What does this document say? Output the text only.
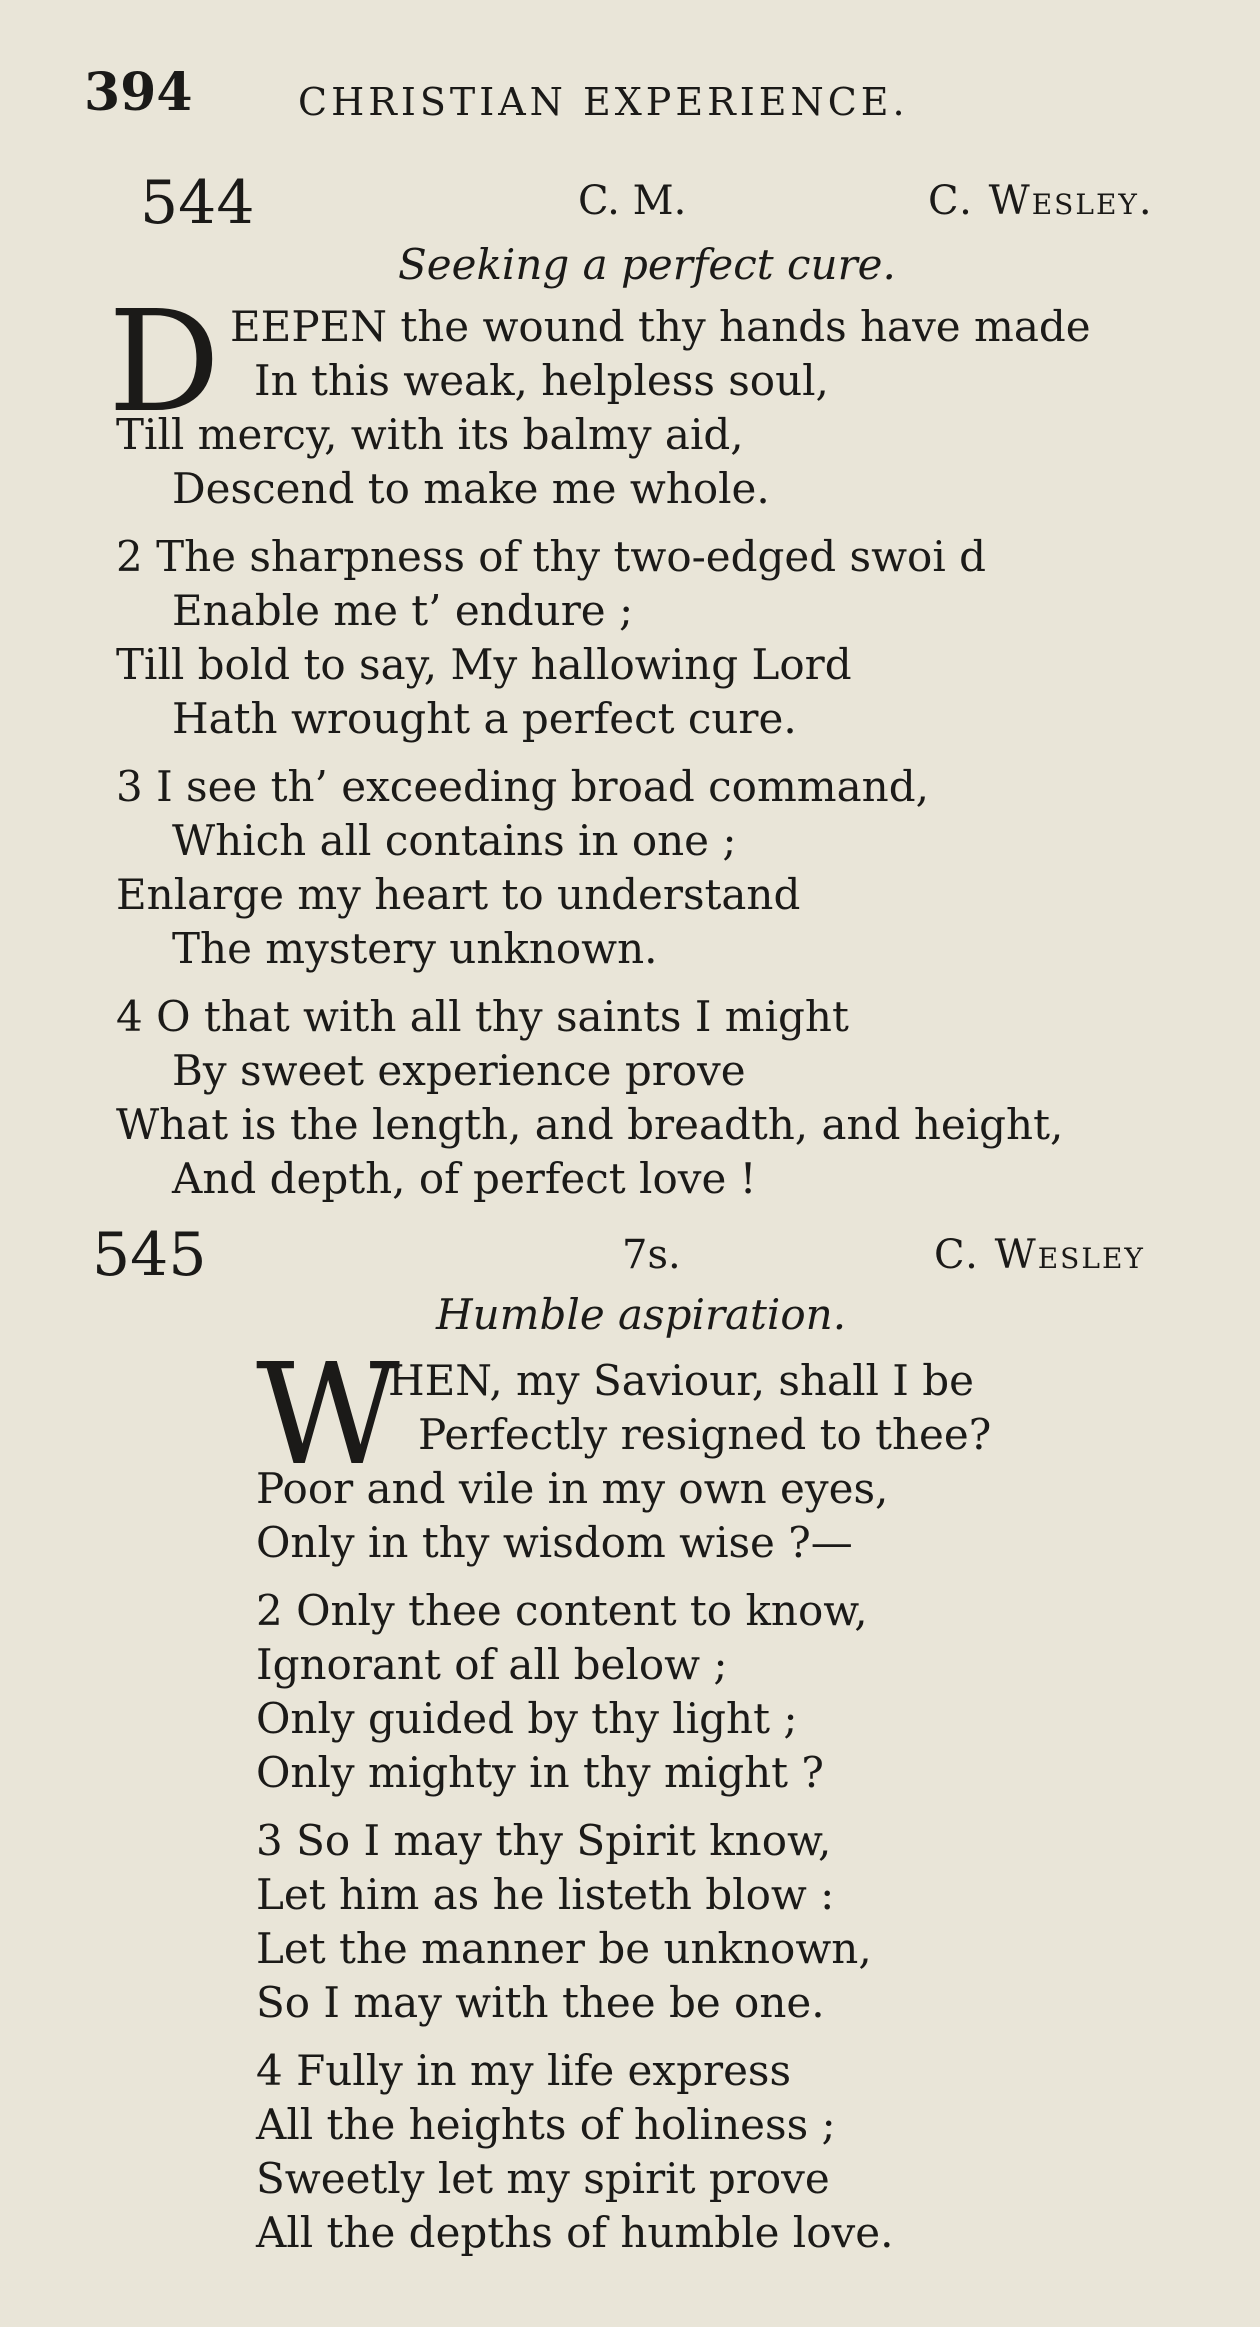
394	CHRISTIAN EXPERIENCE.
544	C. M.	C. Wesley.
Seeking a perfect cure.
D EEPEN the wound thy hands have made
In this weak, helpless soul,
Till mercy, with its balmy aid,
Descend to make me whole.
2 The sharpness of thy two-edged swoi d
Enable me t’ endure ;
Till bold to say, My hallowing Lord
Hath wrought a perfect cure.
3 I see th’ exceeding broad command,
Which all contains in one ;
Enlarge my heart to understand
The mystery unknown.
4 O that with all thy saints I might
By sweet experience prove
What is the length, and breadth, and height,
And depth, of perfect love !
545	7s.	C. Wesley
Humble aspiration.
W
HEN, my Saviour, shall I be
Perfectly resigned to thee?
Poor and vile in my own eyes,
Only in thy wisdom wise ?—
2 Only thee content to know,
Ignorant of all below ;
Only guided by thy light ;
Only mighty in thy might ?
3 So I may thy Spirit know,
Let him as he listeth blow :
Let the manner be unknown,
So I may with thee be one.
4 Fully in my life express
All the heights of holiness ;
Sweetly let my spirit prove
All the depths of humble love.
